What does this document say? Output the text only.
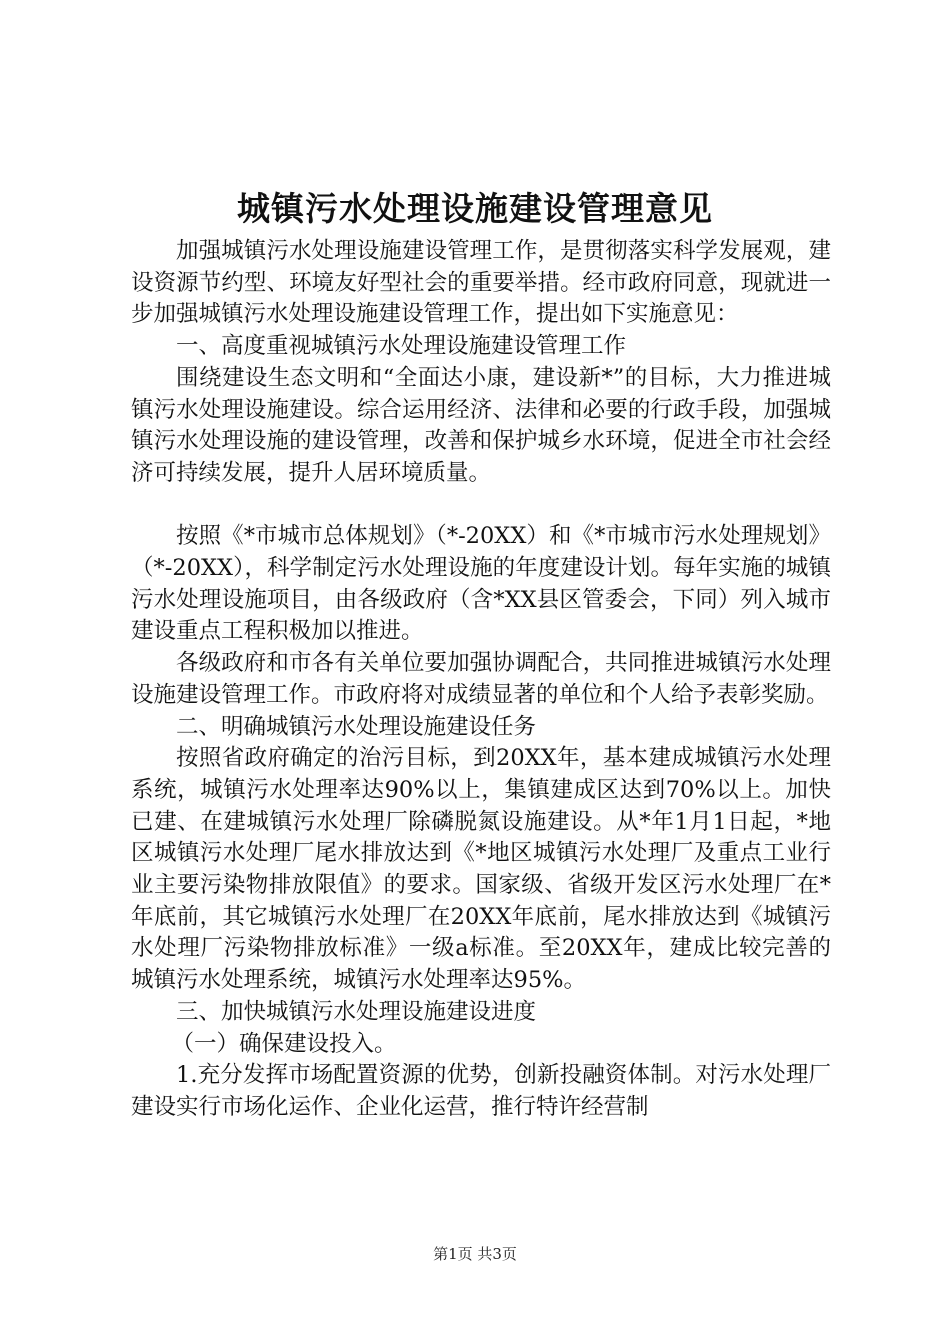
城镇污水处理设施建设管理意见

加强城镇污水处理设施建设管理工作，是贯彻落实科学发展观，建设资源节约型、环境友好型社会的重要举措。经市政府同意，现就进一步加强城镇污水处理设施建设管理工作，提出如下实施意见：

一、高度重视城镇污水处理设施建设管理工作

围绕建设生态文明和“全面达小康，建设新*”的目标，大力推进城镇污水处理设施建设。综合运用经济、法律和必要的行政手段，加强城镇污水处理设施的建设管理，改善和保护城乡水环境，促进全市社会经济可持续发展，提升人居环境质量。

按照《*市城市总体规划》（*-20XX）和《*市城市污水处理规划》（*-20XX），科学制定污水处理设施的年度建设计划。每年实施的城镇污水处理设施项目，由各级政府（含*XX县区管委会，下同）列入城市建设重点工程积极加以推进。

各级政府和市各有关单位要加强协调配合，共同推进城镇污水处理设施建设管理工作。市政府将对成绩显著的单位和个人给予表彰奖励。

二、明确城镇污水处理设施建设任务

按照省政府确定的治污目标，到20XX年，基本建成城镇污水处理系统，城镇污水处理率达90%以上，集镇建成区达到70%以上。加快已建、在建城镇污水处理厂除磷脱氮设施建设。从*年1月1日起，*地区城镇污水处理厂尾水排放达到《*地区城镇污水处理厂及重点工业行业主要污染物排放限值》的要求。国家级、省级开发区污水处理厂在*年底前，其它城镇污水处理厂在20XX年底前，尾水排放达到《城镇污水处理厂污染物排放标准》一级a标准。至20XX年，建成比较完善的城镇污水处理系统，城镇污水处理率达95%。

三、加快城镇污水处理设施建设进度

（一）确保建设投入。

1.充分发挥市场配置资源的优势，创新投融资体制。对污水处理厂建设实行市场化运作、企业化运营，推行特许经营制

第1页 共3页
